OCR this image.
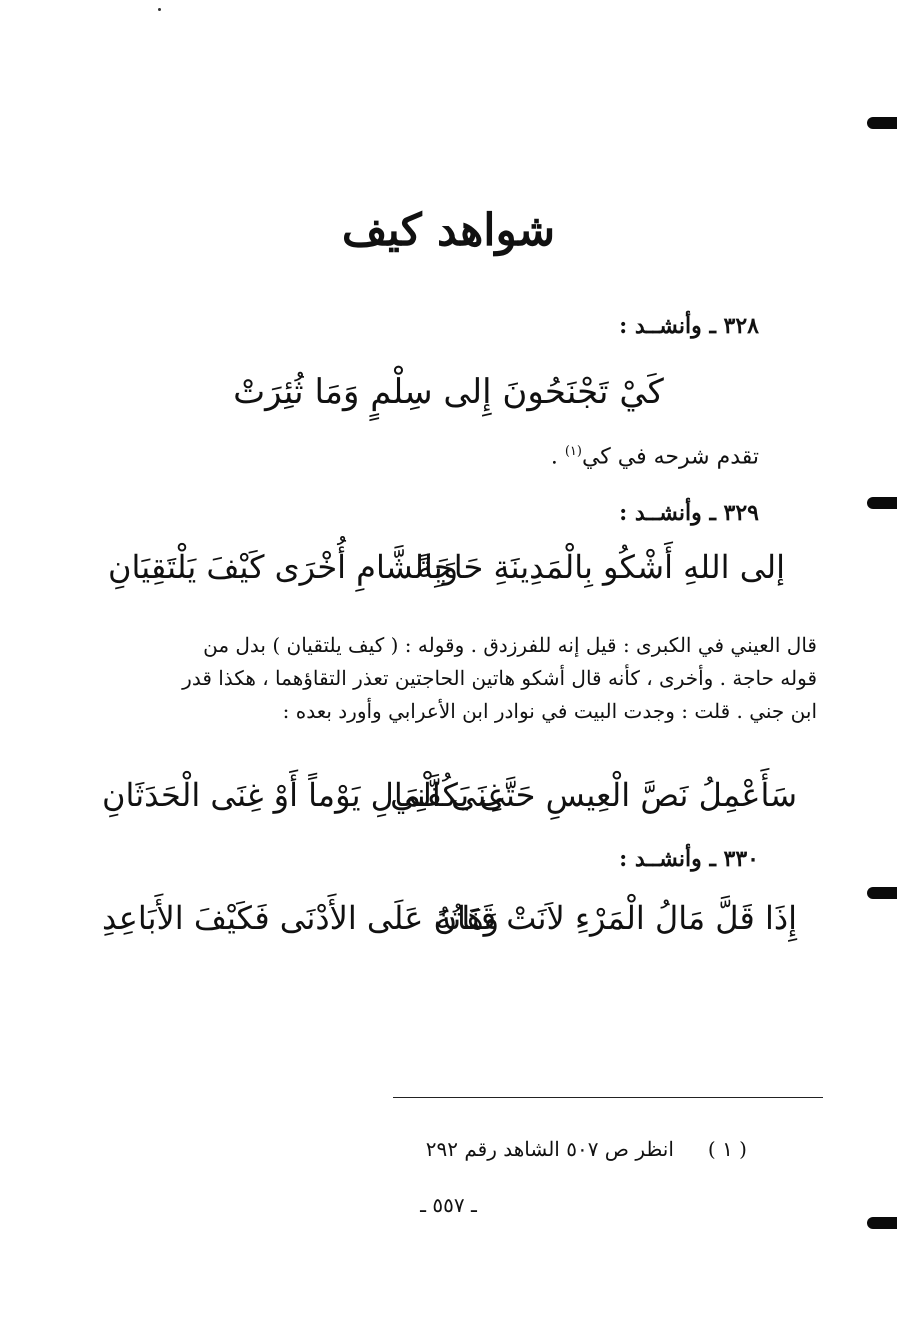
شواهد كيف
٣٢٨ ـ وأنشــد :
كَيْ تَجْنَحُونَ إِلى سِلْمٍ وَمَا ثُئِرَتْ
تقدم شرحه في كي$^{(١)}$ .
٣٢٩ ـ وأنشــد :
إلى اللهِ أَشْكُو بِالْمَدِينَةِ حَاجَةً
وَبِالشَّامِ أُخْرَى كَيْفَ يَلْتَقِيَانِ

قال العيني في الكبرى : قيل إنه للفرزدق . وقوله : ( كيف يلتقيان ) بدل من

قوله حاجة . وأخرى ، كأنه قال أشكو هاتين الحاجتين تعذر التقاؤهما ، هكذا قدر

ابن جني . قلت : وجدت البيت في نوادر ابن الأعرابي وأورد بعده :

سَأَعْمِلُ نَصَّ الْعِيسِ حَتَّى يَكُفَّنِي
غِنَى الْمَالِ يَوْماً أَوْ غِنَى الْحَدَثَانِ
٣٣٠ ـ وأنشــد :
إِذَا قَلَّ مَالُ الْمَرْءِ لاَنَتْ قَنَاتُهُ
وَهَانَ عَلَى الأَدْنَى فَكَيْفَ الأَبَاعِدِ
( ١ )انظر ص ٥٠٧ الشاهد رقم ٢٩٢
ـ ٥٥٧ ـ
